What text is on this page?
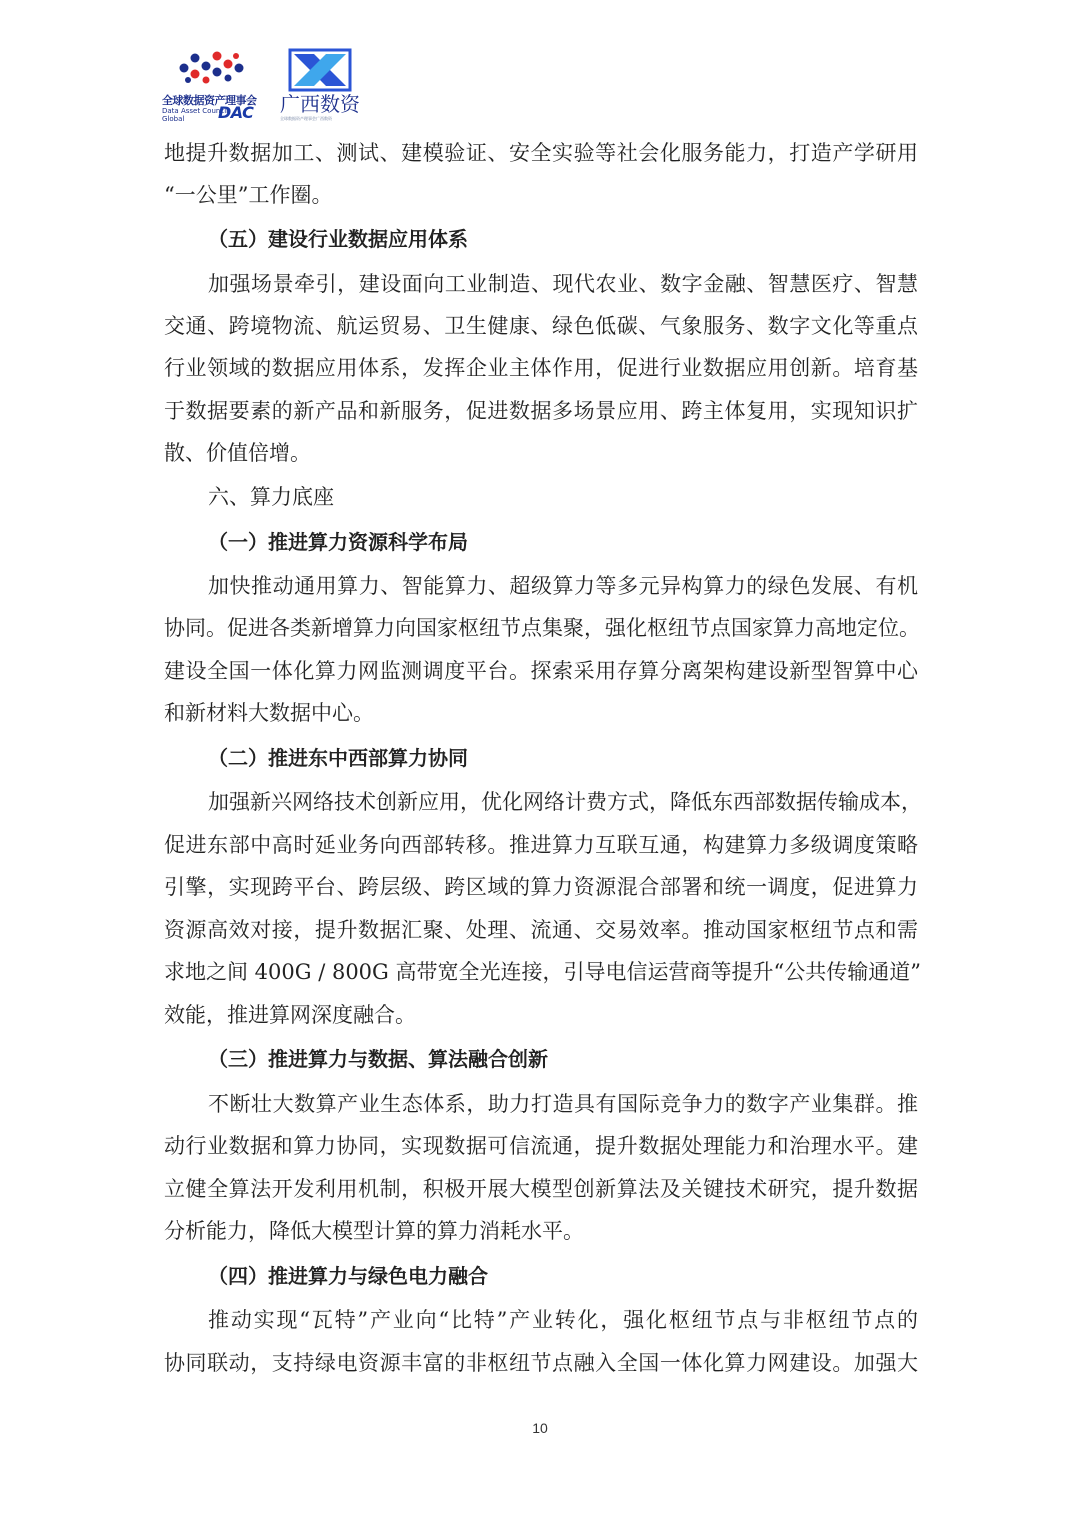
全球数据资产理事会
Data Asset Council
Global DAC 广西数资
全球数据资产理事会广西数资
地提升数据加工、测试、建模验证、安全实验等社会化服务能力，打造产学研用
“一公里”工作圈。
（五）建设行业数据应用体系
加强场景牵引，建设面向工业制造、现代农业、数字金融、智慧医疗、智慧
交通、跨境物流、航运贸易、卫生健康、绿色低碳、气象服务、数字文化等重点
行业领域的数据应用体系，发挥企业主体作用，促进行业数据应用创新。培育基
于数据要素的新产品和新服务，促进数据多场景应用、跨主体复用，实现知识扩
散、价值倍增。
六、算力底座
（一）推进算力资源科学布局
加快推动通用算力、智能算力、超级算力等多元异构算力的绿色发展、有机
协同。促进各类新增算力向国家枢纽节点集聚，强化枢纽节点国家算力高地定位。
建设全国一体化算力网监测调度平台。探索采用存算分离架构建设新型智算中心
和新材料大数据中心。
（二）推进东中西部算力协同
加强新兴网络技术创新应用，优化网络计费方式，降低东西部数据传输成本，
促进东部中高时延业务向西部转移。推进算力互联互通，构建算力多级调度策略
引擎，实现跨平台、跨层级、跨区域的算力资源混合部署和统一调度，促进算力
资源高效对接，提升数据汇聚、处理、流通、交易效率。推动国家枢纽节点和需
求地之间 400G / 800G 高带宽全光连接，引导电信运营商等提升“公共传输通道”
效能，推进算网深度融合。
（三）推进算力与数据、算法融合创新
不断壮大数算产业生态体系，助力打造具有国际竞争力的数字产业集群。推
动行业数据和算力协同，实现数据可信流通，提升数据处理能力和治理水平。建
立健全算法开发利用机制，积极开展大模型创新算法及关键技术研究，提升数据
分析能力，降低大模型计算的算力消耗水平。
（四）推进算力与绿色电力融合
推动实现“瓦特”产业向“比特”产业转化，强化枢纽节点与非枢纽节点的
协同联动，支持绿电资源丰富的非枢纽节点融入全国一体化算力网建设。加强大
10
